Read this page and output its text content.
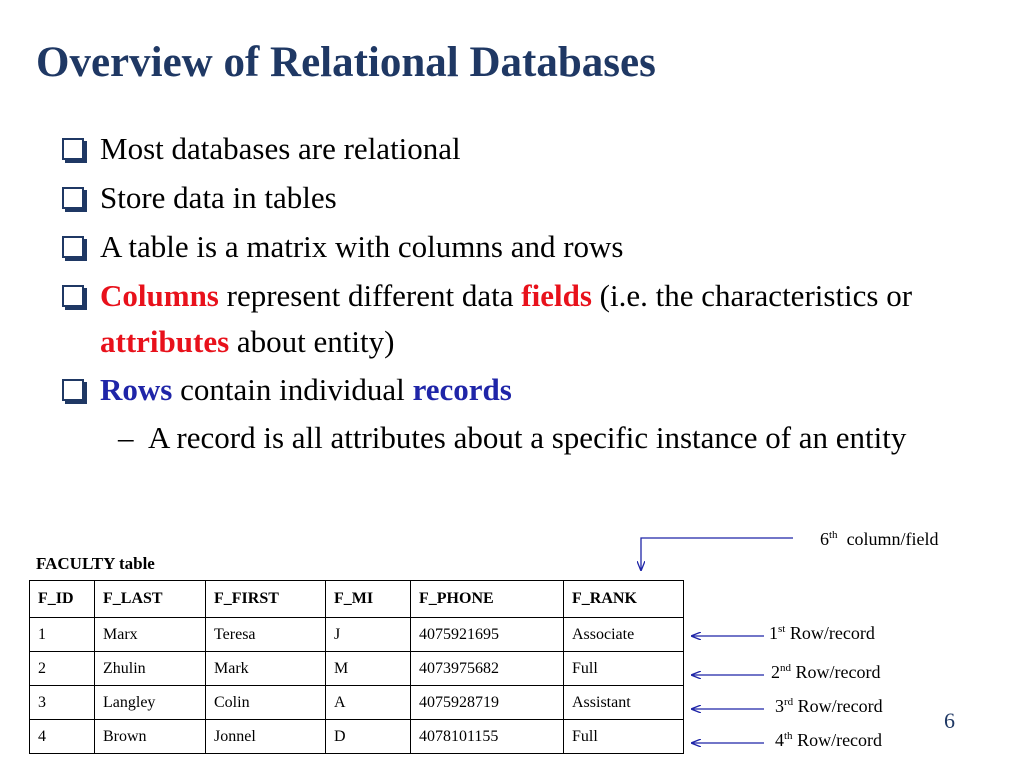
Overview of Relational Databases
Most databases are relational
Store data in tables
A table is a matrix with columns and rows
Columns represent different data fields (i.e. the characteristics or attributes about entity)
Rows contain individual records
– A record is all attributes about a specific instance of an entity
FACULTY table
F_ID	F_LAST	F_FIRST	F_MI	F_PHONE	F_RANK
1	Marx	Teresa	J	4075921695	Associate
2	Zhulin	Mark	M	4073975682	Full
3	Langley	Colin	A	4075928719	Assistant
4	Brown	Jonnel	D	4078101155	Full
6th column/field
1st Row/record
2nd Row/record
3rd Row/record
4th Row/record
6
